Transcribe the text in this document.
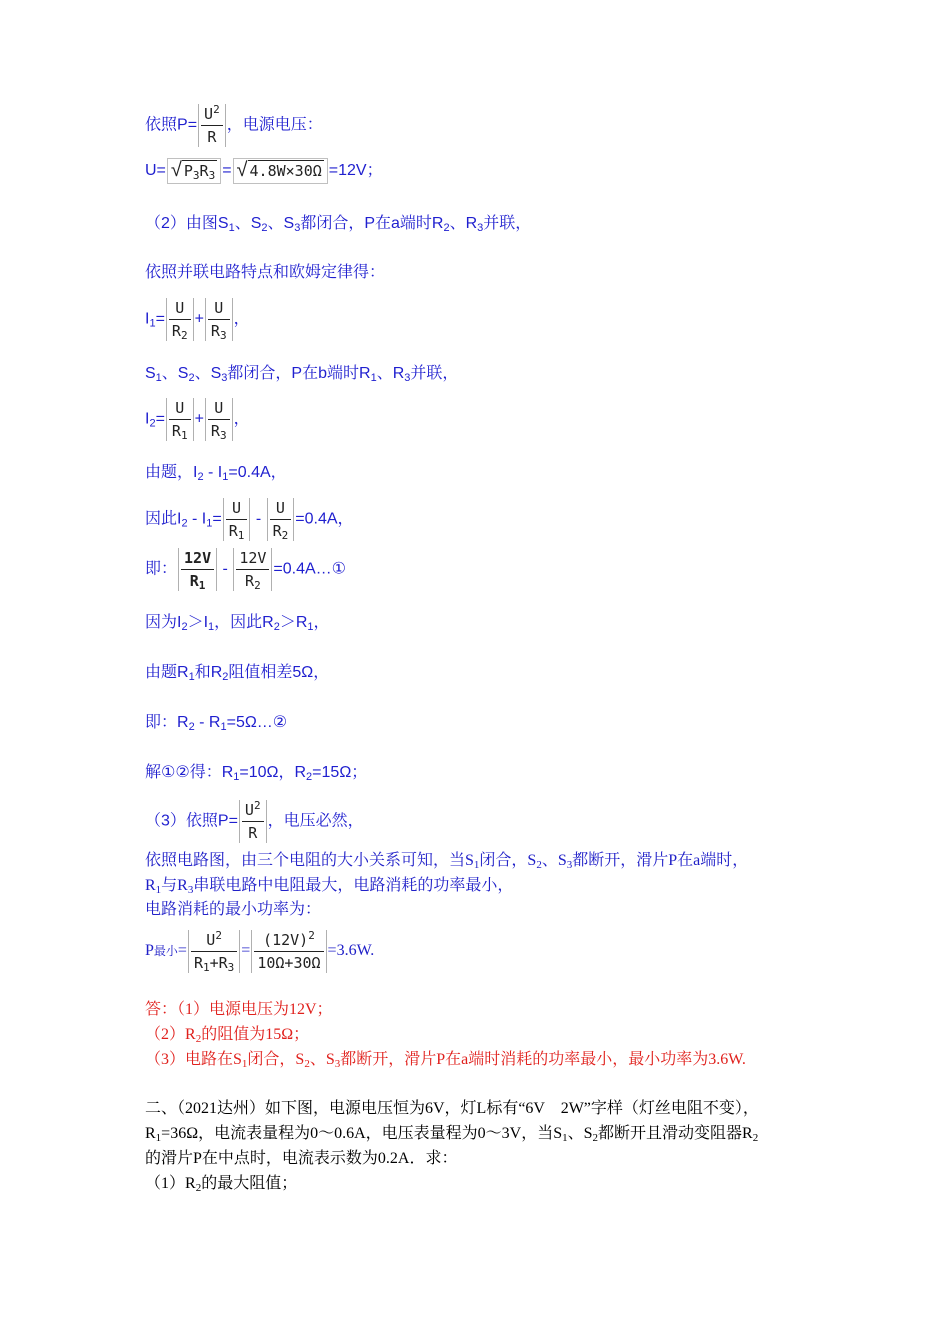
依照$P= \frac{U^2}{R}$ ，电源电压：
U= √ $P_3R_3$ = √ 4.8W×30Ω =12V；
（2）由图$S_1$、$S_2$、$S_3$都闭合，P在a端时$R_2$、$R_3$并联，
依照并联电路特点和欧姆定律得：
$I_1= \frac{U}{R_2} + \frac{U}{R_3}$ ，
$S_1$、$S_2$、$S_3$都闭合，P在b端时$R_1$、$R_3$并联，
$I_2= \frac{U}{R_1} + \frac{U}{R_3}$ ，
由题，$I_2 - I_1=0.4A$，
因此$I_2 - I_1= \frac{U}{R_1} - \frac{U}{R_2} =0.4A$，
即： $\frac{12V}{R_1} - \frac{12V}{R_2}$ =0.4A…①
因为$I_2>I_1$，因此$R_2>R_1$，
由题$R_1$和$R_2$阻值相差5Ω，
即：$R_2$ - $R_1=5\Omega\dots ②$
解①②得：$R_1=10\Omega$，$R_2=15\Omega$；
（3）依照$P= \frac{U^2}{R}$ ，电压必然，
依照电路图，由三个电阻的大小关系可知，当$S_1$闭合，$S_2$、$S_3$都断开，滑片P在a端时，
$R_1$与$R_3$串联电路中电阻最大，电路消耗的功率最小，
电路消耗的最小功率为：
P最小= $\frac{U^2}{R_1+R_3} = \frac{(12V)^2}{10\Omega+30\Omega} =3.6W$.
答：（1）电源电压为12V；
$(2)R_2$的阻值为15Ω；
（3）电路在$S_1$闭合，$S_2$、$S_3$都断开，滑片P在a端时消耗的功率最小，最小功率为3.6W.
二、（2021达州）如下图，电源电压恒为6V，灯L标有“6V　2W”字样（灯丝电阻不变），
$R_1=36\Omega$，电流表量程为0～0.6A，电压表量程为0～3V，当$S_1$、$S_2$都断开且滑动变阻器$R_2$
的滑片P在中点时，电流表示数为0.2A．求：
$(1)R_2$的最大阻值；
